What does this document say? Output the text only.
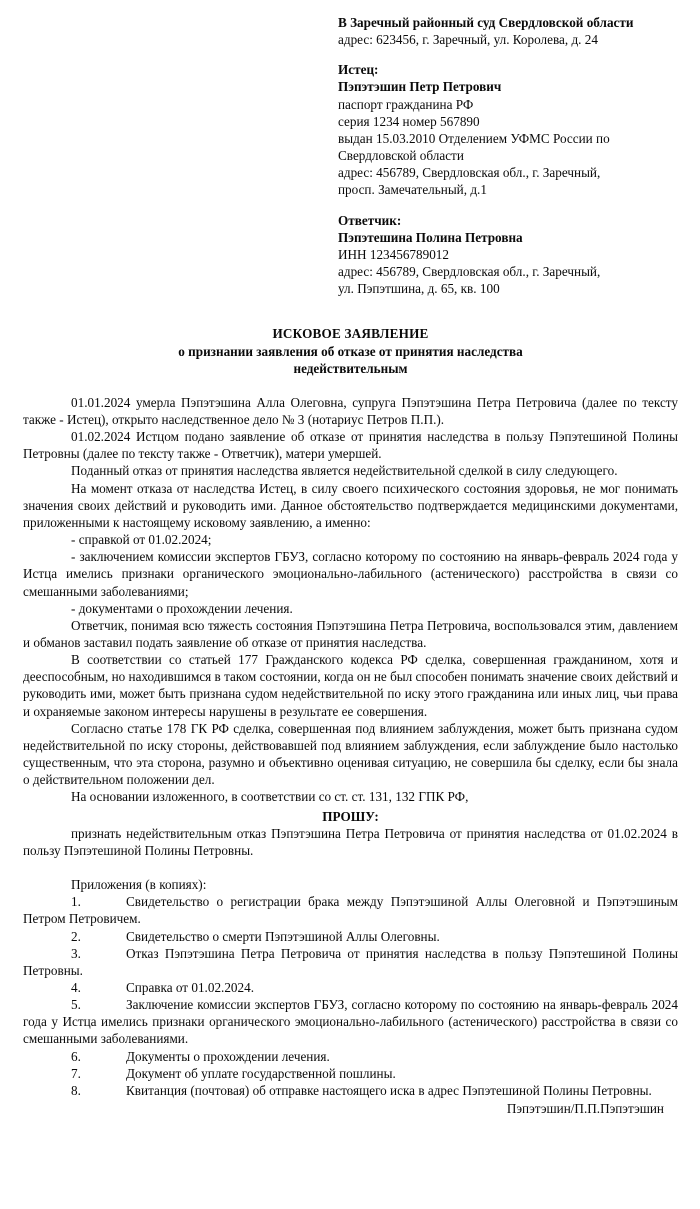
В Заречный районный суд Свердловской области
адрес: 623456, г. Заречный, ул. Королева, д. 24
Истец:
Пэпэтэшин Петр Петрович
паспорт гражданина РФ
серия 1234 номер 567890
выдан 15.03.2010 Отделением УФМС России по Свердловской области
адрес: 456789, Свердловская обл., г. Заречный,
просп. Замечательный, д.1
Ответчик:
Пэпэтешина Полина Петровна
ИНН 123456789012
адрес: 456789, Свердловская обл., г. Заречный,
ул. Пэпэтшина, д. 65, кв. 100
ИСКОВОЕ ЗАЯВЛЕНИЕ
о признании заявления об отказе от принятия наследства
недействительным

01.01.2024 умерла Пэпэтэшина Алла Олеговна, супруга Пэпэтэшина Петра Петровича (далее по тексту также - Истец), открыто наследственное дело № 3 (нотариус Петров П.П.).

01.02.2024 Истцом подано заявление об отказе от принятия наследства в пользу Пэпэтешиной Полины Петровны (далее по тексту также - Ответчик), матери умершей.

Поданный отказ от принятия наследства является недействительной сделкой в силу следующего.

На момент отказа от наследства Истец, в силу своего психического состояния здоровья, не мог понимать значения своих действий и руководить ими. Данное обстоятельство подтверждается медицинскими документами, приложенными к настоящему исковому заявлению, а именно:

- справкой от 01.02.2024;

- заключением комиссии экспертов ГБУЗ, согласно которому по состоянию на январь-февраль 2024 года у Истца имелись признаки органического эмоционально-лабильного (астенического) расстройства в связи со смешанными заболеваниями;

- документами о прохождении лечения.

Ответчик, понимая всю тяжесть состояния Пэпэтэшина Петра Петровича, воспользовался этим, давлением и обманов заставил подать заявление об отказе от принятия наследства.

В соответствии со статьей 177 Гражданского кодекса РФ сделка, совершенная гражданином, хотя и дееспособным, но находившимся в таком состоянии, когда он не был способен понимать значение своих действий и руководить ими, может быть признана судом недействительной по иску этого гражданина или иных лиц, чьи права и охраняемые законом интересы нарушены в результате ее совершения.

Согласно статье 178 ГК РФ сделка, совершенная под влиянием заблуждения, может быть признана судом недействительной по иску стороны, действовавшей под влиянием заблуждения, если заблуждение было настолько существенным, что эта сторона, разумно и объективно оценивая ситуацию, не совершила бы сделку, если бы знала о действительном положении дел.

На основании изложенного, в соответствии со ст. ст. 131, 132 ГПК РФ,

ПРОШУ:

признать недействительным отказ Пэпэтэшина Петра Петровича от принятия наследства от 01.02.2024 в пользу Пэпэтешиной Полины Петровны.

Приложения (в копиях):

1.	Свидетельство о регистрации брака между Пэпэтэшиной Аллы Олеговной и Пэпэтэшиным Петром Петровичем.
2.	Свидетельство о смерти Пэпэтэшиной Аллы Олеговны.
3.	Отказ Пэпэтэшина Петра Петровича от принятия наследства в пользу Пэпэтешиной Полины Петровны.
4.	Справка от 01.02.2024.
5.	Заключение комиссии экспертов ГБУЗ, согласно которому по состоянию на январь-февраль 2024 года у Истца имелись признаки органического эмоционально-лабильного (астенического) расстройства в связи со смешанными заболеваниями.
6.	Документы о прохождении лечения.
7.	Документ об уплате государственной пошлины.
8.	Квитанция (почтовая) об отправке настоящего иска в адрес Пэпэтешиной Полины Петровны.
Пэпэтэшин/П.П.Пэпэтэшин
